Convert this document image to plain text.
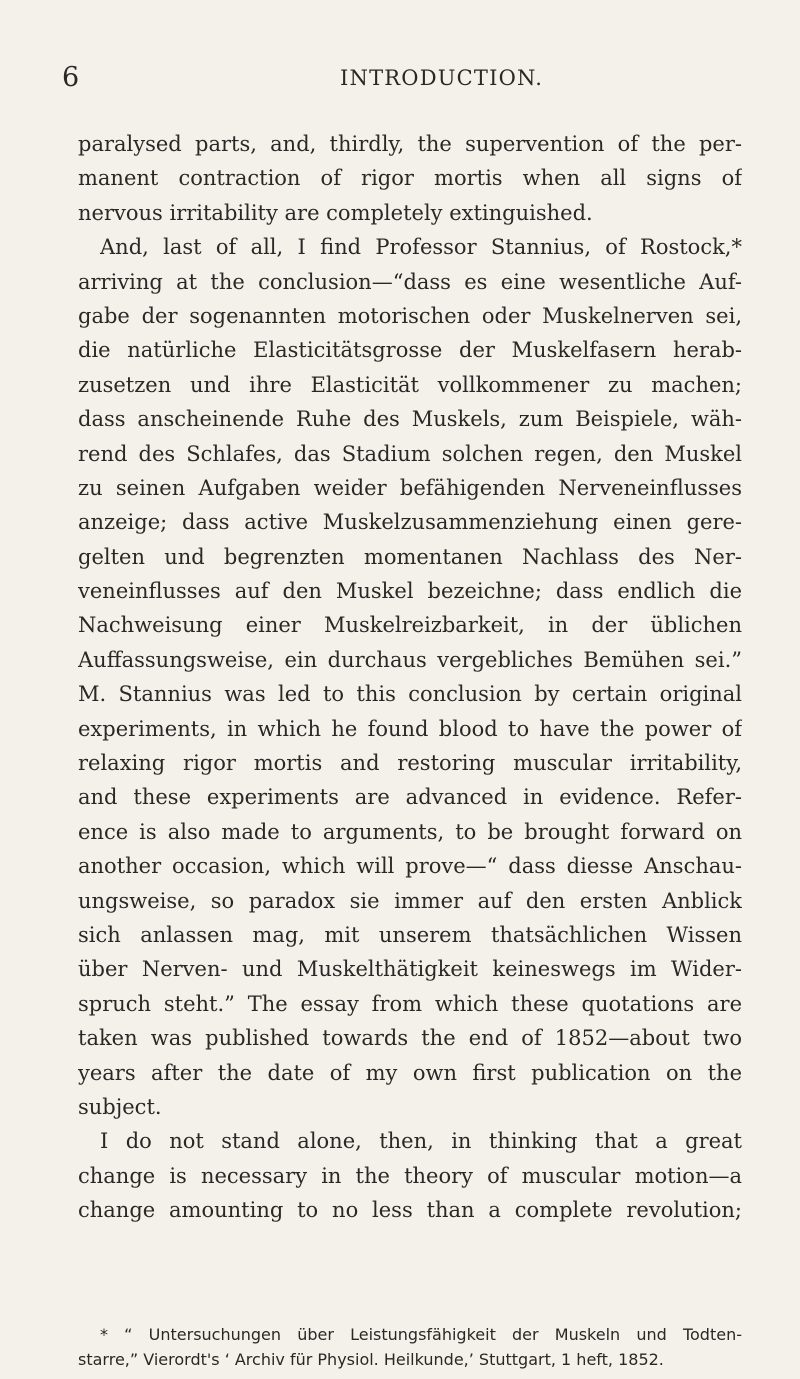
6	INTRODUCTION.
paralysed parts, and, thirdly, the supervention of the per-
manent contraction of rigor mortis when all signs of
nervous irritability are completely extinguished.
And, last of all, I find Professor Stannius, of Rostock,*
arriving at the conclusion—“dass es eine wesentliche Auf-
gabe der sogenannten motorischen oder Muskelnerven sei,
die natürliche Elasticitätsgrosse der Muskelfasern herab-
zusetzen und ihre Elasticität vollkommener zu machen;
dass anscheinende Ruhe des Muskels, zum Beispiele, wäh-
rend des Schlafes, das Stadium solchen regen, den Muskel
zu seinen Aufgaben weider befähigenden Nerveneinflusses
anzeige; dass active Muskelzusammenziehung einen gere-
gelten und begrenzten momentanen Nachlass des Ner-
veneinflusses auf den Muskel bezeichne; dass endlich die
Nachweisung einer Muskelreizbarkeit, in der üblichen
Auffassungsweise, ein durchaus vergebliches Bemühen sei.”
M. Stannius was led to this conclusion by certain original
experiments, in which he found blood to have the power of
relaxing rigor mortis and restoring muscular irritability,
and these experiments are advanced in evidence. Refer-
ence is also made to arguments, to be brought forward on
another occasion, which will prove—“ dass diesse Anschau-
ungsweise, so paradox sie immer auf den ersten Anblick
sich anlassen mag, mit unserem thatsächlichen Wissen
über Nerven- und Muskelthätigkeit keineswegs im Wider-
spruch steht.” The essay from which these quotations are
taken was published towards the end of 1852—about two
years after the date of my own first publication on the
subject.
I do not stand alone, then, in thinking that a great
change is necessary in the theory of muscular motion—a
change amounting to no less than a complete revolution;
* “ Untersuchungen über Leistungsfähigkeit der Muskeln und Todten-
starre,” Vierordt's ‘ Archiv für Physiol. Heilkunde,’ Stuttgart, 1 heft, 1852.
